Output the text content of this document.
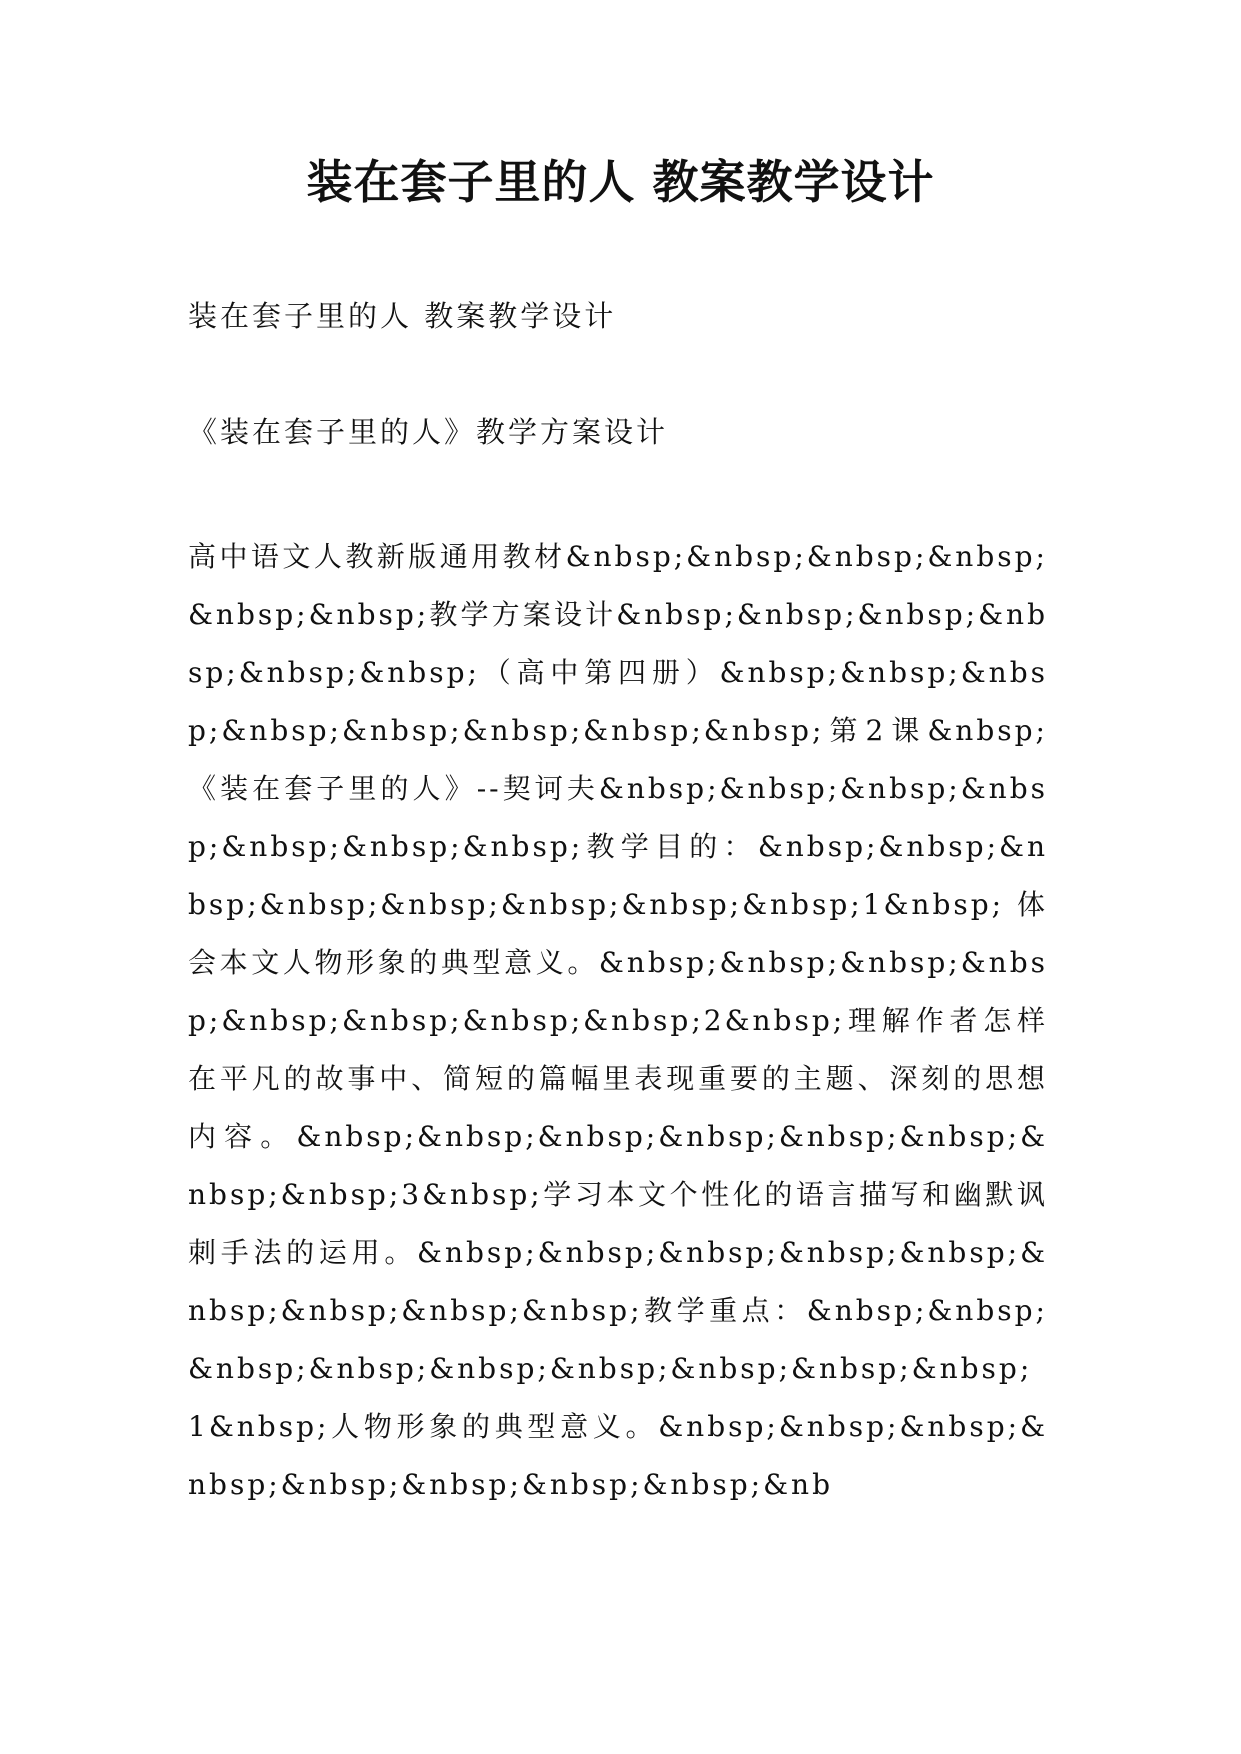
装在套子里的人 教案教学设计

装在套子里的人 教案教学设计

《装在套子里的人》教学方案设计

高中语文人教新版通用教材&nbsp;&nbsp;&nbsp;&nbsp;&nbsp;&nbsp;教学方案设计&nbsp;&nbsp;&nbsp;&nbsp;&nbsp;&nbsp;（高中第四册）&nbsp;&nbsp;&nbsp;&nbsp;&nbsp;&nbsp;&nbsp;&nbsp;第2课&nbsp;《装在套子里的人》--契诃夫&nbsp;&nbsp;&nbsp;&nbsp;&nbsp;&nbsp;&nbsp;教学目的：&nbsp;&nbsp;&nbsp;&nbsp;&nbsp;&nbsp;&nbsp;&nbsp;1&nbsp;体会本文人物形象的典型意义。&nbsp;&nbsp;&nbsp;&nbsp;&nbsp;&nbsp;&nbsp;&nbsp;2&nbsp;理解作者怎样在平凡的故事中、简短的篇幅里表现重要的主题、深刻的思想内容。&nbsp;&nbsp;&nbsp;&nbsp;&nbsp;&nbsp;&nbsp;&nbsp;3&nbsp;学习本文个性化的语言描写和幽默讽刺手法的运用。&nbsp;&nbsp;&nbsp;&nbsp;&nbsp;&nbsp;&nbsp;&nbsp;&nbsp;教学重点：&nbsp;&nbsp;&nbsp;&nbsp;&nbsp;&nbsp;&nbsp;&nbsp;&nbsp;1&nbsp;人物形象的典型意义。&nbsp;&nbsp;&nbsp;&nbsp;&nbsp;&nbsp;&nbsp;&nbsp;&nb
